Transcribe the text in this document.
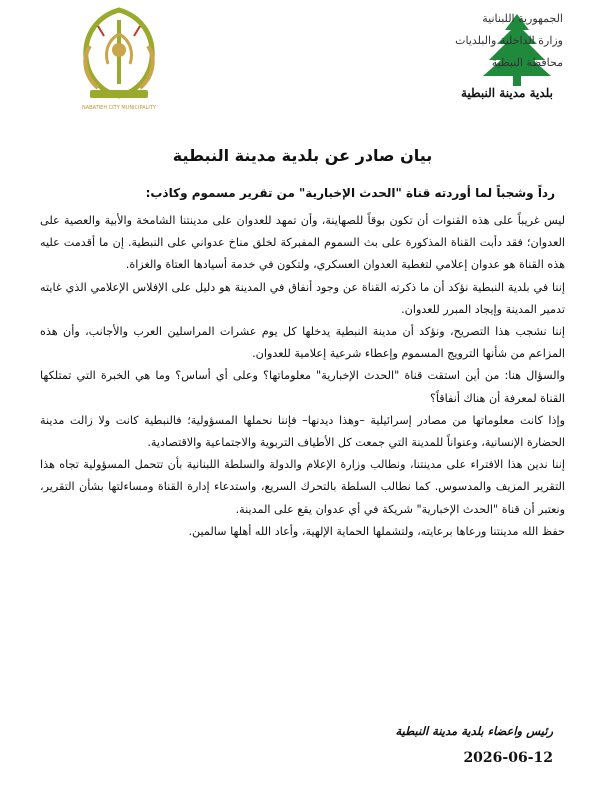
NABATIEH CITY MUNICIPALITY
الجمهورية اللبنانية
وزارة الداخلية والبلديات
محافظة النبطية
بلدية مدينة النبطية
بيان صادر عن بلدية مدينة النبطية
رداً وشجباً لما أوردته قناة "الحدث الإخبارية" من تقرير مسموم وكاذب:

ليس غريباً على هذه القنوات أن تكون بوقاً للصهاينة، وأن تمهد للعدوان على مدينتنا الشامخة والأبية والعصية على العدوان؛ فقد دأبت القناة المذكورة على بث السموم المفبركة لخلق مناخ عدواني على النبطية. إن ما أقدمت عليه هذه القناة هو عدوان إعلامي لتغطية العدوان العسكري، ولتكون في خدمة أسيادها العتاة والغزاة.

إننا في بلدية النبطية نؤكد أن ما ذكرته القناة عن وجود أنفاق في المدينة هو دليل على الإفلاس الإعلامي الذي غايته تدمير المدينة وإيجاد المبرر للعدوان.

إننا نشجب هذا التصريح، ونؤكد أن مدينة النبطية يدخلها كل يوم عشرات المراسلين العرب والأجانب، وأن هذه المزاعم من شأنها الترويج المسموم وإعطاء شرعية إعلامية للعدوان.

والسؤال هنا: من أين استقت قناة "الحدث الإخبارية" معلوماتها؟ وعلى أي أساس؟ وما هي الخبرة التي تمتلكها القناة لمعرفة أن هناك أنفاقاً؟

وإذا كانت معلوماتها من مصادر إسرائيلية –وهذا ديدنها– فإننا نحملها المسؤولية؛ فالنبطية كانت ولا زالت مدينة الحضارة الإنسانية، وعنواناً للمدينة التي جمعت كل الأطياف التربوية والاجتماعية والاقتصادية.

إننا ندين هذا الافتراء على مدينتنا، ونطالب وزارة الإعلام والدولة والسلطة اللبنانية بأن تتحمل المسؤولية تجاه هذا التقرير المزيف والمدسوس. كما نطالب السلطة بالتحرك السريع، واستدعاء إدارة القناة ومساءلتها بشأن التقرير، ونعتبر أن قناة "الحدث الإخبارية" شريكة في أي عدوان يقع على المدينة.

حفظ الله مدينتنا ورعاها برعايته، ولتشملها الحماية الإلهية، وأعاد الله أهلها سالمين.

رئيس واعضاء بلدية مدينة النبطية
2026-06-12
